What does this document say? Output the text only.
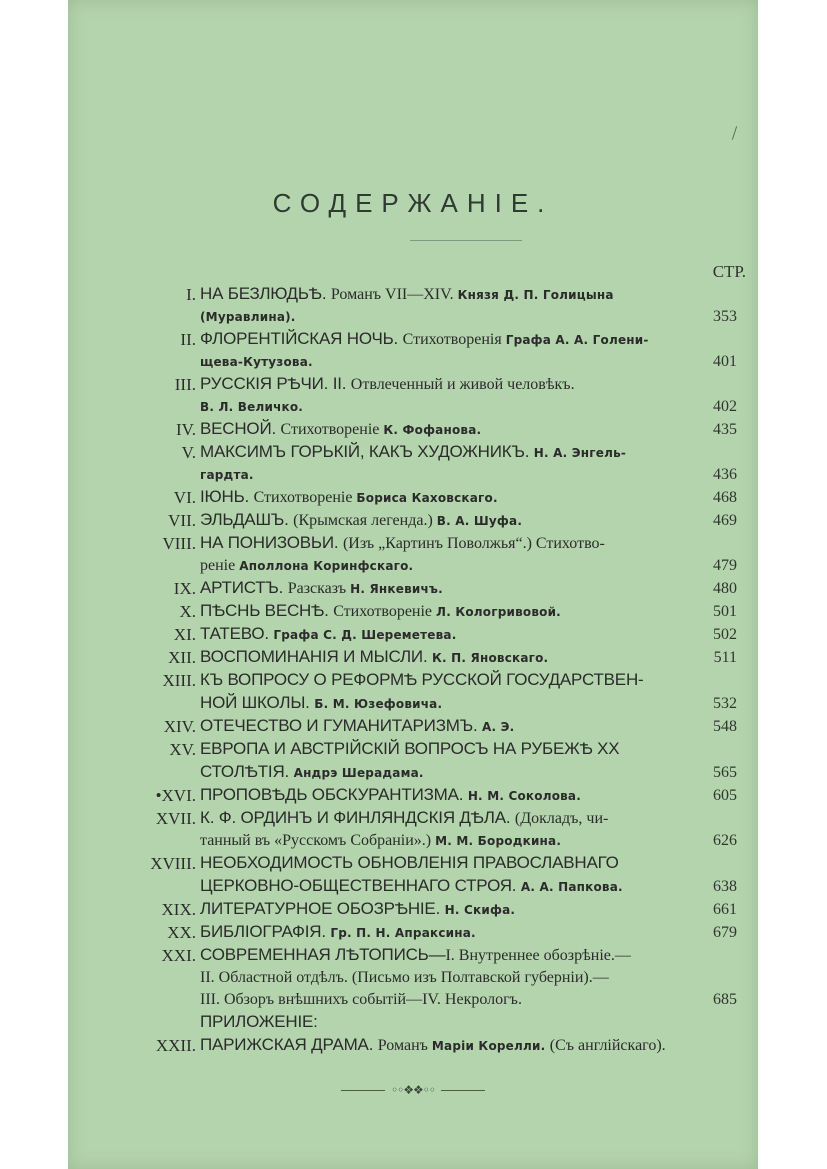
СОДЕРЖАНІЕ.
СТР.
I. НА БЕЗЛЮДЬѢ. Романъ VII—XIV. Князя Д. П. Голицына
(Муравлина).	353
II. ФЛОРЕНТІЙСКАЯ НОЧЬ. Стихотворенія Графа А. А. Голени-
щева-Кутузова.	401
III. РУССКІЯ РѢЧИ. II. Отвлеченный и живой человѣкъ.
В. Л. Величко.	402
IV. ВЕСНОЙ. Стихотвореніе К. Фофанова.	435
V. МАКСИМЪ ГОРЬКІЙ, КАКЪ ХУДОЖНИКЪ. Н. А. Энгель-
гардта.	436
VI. ІЮНЬ. Стихотвореніе Бориса Каховскаго.	468
VII. ЭЛЬДАШЪ. (Крымская легенда.) В. А. Шуфа.	469
VIII. НА ПОНИЗОВЬИ. (Изъ „Картинъ Поволжья“.) Стихотво-
реніе Аполлона Коринфскаго.	479
IX. АРТИСТЪ. Разсказъ Н. Янкевичъ.	480
X. ПѢСНЬ ВЕСНѢ. Стихотвореніе Л. Кологривовой.	501
XI. ТАТЕВО. Графа С. Д. Шереметева.	502
XII. ВОСПОМИНАНІЯ И МЫСЛИ. К. П. Яновскаго.	511
XIII. КЪ ВОПРОСУ О РЕФОРМѢ РУССКОЙ ГОСУДАРСТВЕН-
НОЙ ШКОЛЫ. Б. М. Юзефовича.	532
XIV. ОТЕЧЕСТВО И ГУМАНИТАРИЗМЪ. А. Э.	548
XV. ЕВРОПА И АВСТРІЙСКІЙ ВОПРОСЪ НА РУБЕЖѢ XX
СТОЛѢТІЯ. Андрэ Шерадама.	565
•XVI. ПРОПОВѢДЬ ОБСКУРАНТИЗМА. Н. М. Соколова.	605
XVII. К. Ф. ОРДИНЪ И ФИНЛЯНДСКІЯ ДѢЛА. (Докладъ, чи-
танный въ «Русскомъ Собраніи».) М. М. Бородкина.	626
XVIII. НЕОБХОДИМОСТЬ ОБНОВЛЕНІЯ ПРАВОСЛАВНАГО
ЦЕРКОВНО-ОБЩЕСТВЕННАГО СТРОЯ. А. А. Папкова.	638
XIX. ЛИТЕРАТУРНОЕ ОБОЗРѢНІЕ. Н. Скифа.	661
XX. БИБЛІОГРАФІЯ. Гр. П. Н. Апраксина.	679
XXI. СОВРЕМЕННАЯ ЛѢТОПИСЬ—I. Внутреннее обозрѣніе.—
II. Областной отдѣлъ. (Письмо изъ Полтавской губерніи).—
III. Обзоръ внѣшнихъ событій—IV. Некрологъ.	685
ПРИЛОЖЕНІЕ:
XXII. ПАРИЖСКАЯ ДРАМА. Романъ Маріи Корелли. (Съ англійскаго).
◦◦❖❖◦◦
